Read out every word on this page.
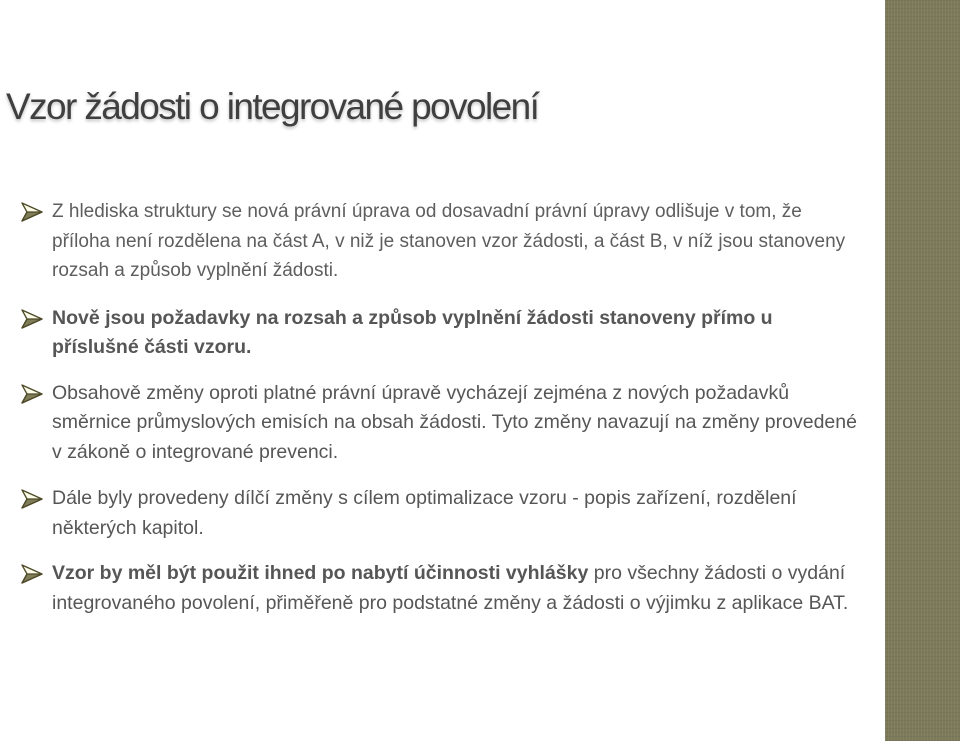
Vzor žádosti o integrované povolení
Z hlediska struktury se nová právní úprava od dosavadní právní úpravy odlišuje v tom, že příloha není rozdělena na část A, v niž je stanoven vzor žádosti, a část B, v níž jsou stanoveny rozsah a způsob vyplnění žádosti.
Nově jsou požadavky na rozsah a způsob vyplnění žádosti stanoveny přímo u příslušné části vzoru.
Obsahově změny oproti platné právní úpravě vycházejí zejména z nových požadavků směrnice průmyslových emisích na obsah žádosti. Tyto změny navazují na změny provedené v zákoně o integrované prevenci.
Dále byly provedeny dílčí změny s cílem optimalizace vzoru - popis zařízení, rozdělení některých kapitol.
Vzor by měl být použit ihned po nabytí účinnosti vyhlášky pro všechny žádosti o vydání integrovaného povolení, přiměřeně pro podstatné změny a žádosti o výjimku z aplikace BAT.
